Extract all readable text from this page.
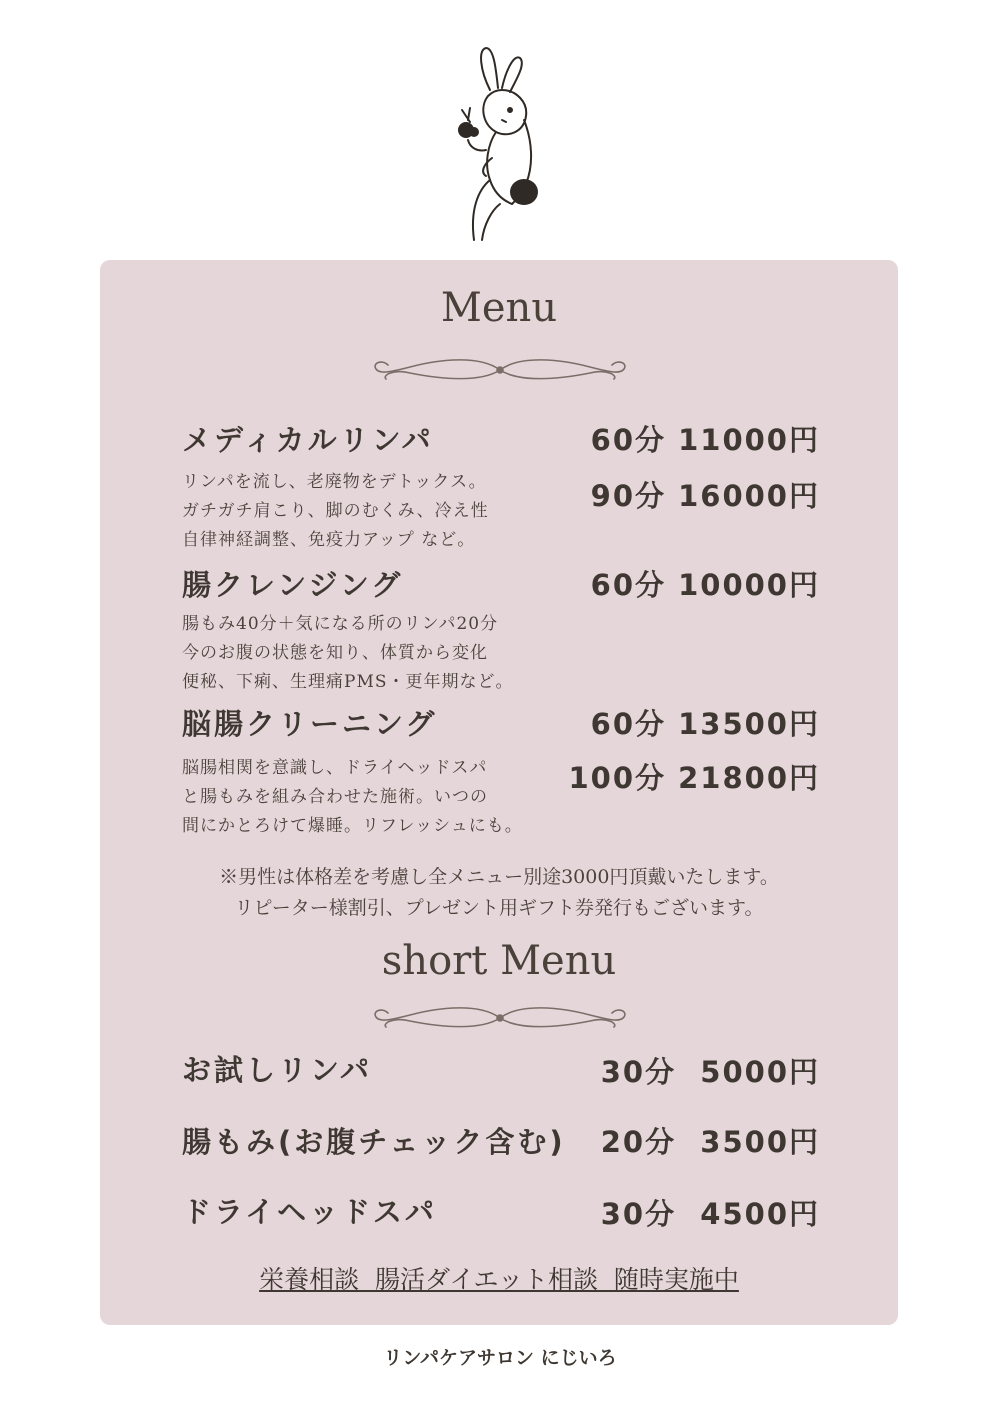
Menu
メディカルリンパ	60分 11000円
90分 16000円
リンパを流し、老廃物をデトックス。
ガチガチ肩こり、脚のむくみ、冷え性
自律神経調整、免疫力アップ など。
腸クレンジング	60分 10000円
腸もみ40分＋気になる所のリンパ20分
今のお腹の状態を知り、体質から変化
便秘、下痢、生理痛PMS・更年期など。
脳腸クリーニング	60分 13500円
100分 21800円
脳腸相関を意識し、ドライヘッドスパ
と腸もみを組み合わせた施術。いつの
間にかとろけて爆睡。リフレッシュにも。
※男性は体格差を考慮し全メニュー別途3000円頂戴いたします。
リピーター様割引、プレゼント用ギフト券発行もございます。
short Menu
お試しリンパ	30分  5000円
腸もみ(お腹チェック含む) 20分  3500円
ドライヘッドスパ	30分  4500円
栄養相談  腸活ダイエット相談  随時実施中
リンパケアサロン にじいろ
